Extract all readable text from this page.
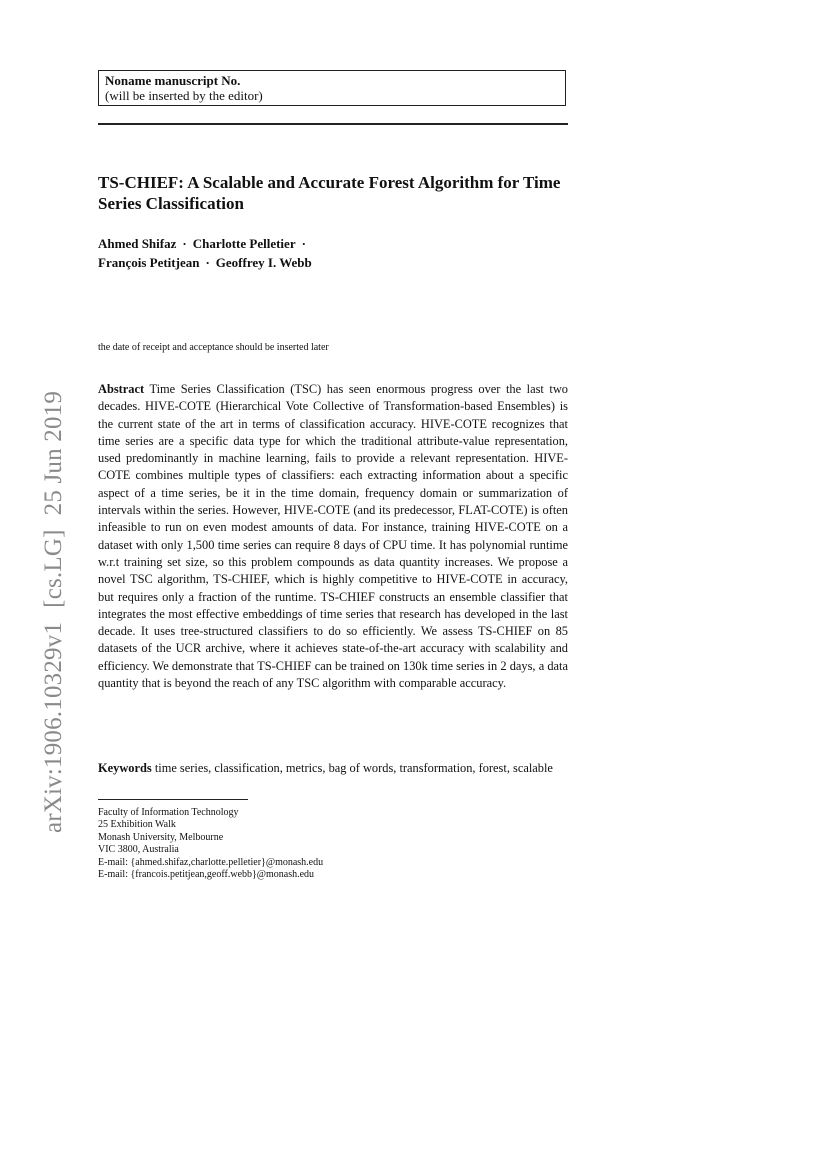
Noname manuscript No.
(will be inserted by the editor)
TS-CHIEF: A Scalable and Accurate Forest Algorithm for Time Series Classification
Ahmed Shifaz · Charlotte Pelletier ·
François Petitjean · Geoffrey I. Webb
the date of receipt and acceptance should be inserted later

Abstract Time Series Classification (TSC) has seen enormous progress over the last two decades. HIVE-COTE (Hierarchical Vote Collective of Transformation-based Ensembles) is the current state of the art in terms of classification accuracy. HIVE-COTE recognizes that time series are a specific data type for which the traditional attribute-value representation, used predominantly in machine learning, fails to provide a relevant representation. HIVE-COTE combines multiple types of classifiers: each extracting information about a specific aspect of a time series, be it in the time domain, frequency domain or summarization of intervals within the series. However, HIVE-COTE (and its predecessor, FLAT-COTE) is often infeasible to run on even modest amounts of data. For instance, training HIVE-COTE on a dataset with only 1,500 time series can require 8 days of CPU time. It has polynomial runtime w.r.t training set size, so this problem compounds as data quantity increases. We propose a novel TSC algorithm, TS-CHIEF, which is highly competitive to HIVE-COTE in accuracy, but requires only a fraction of the runtime. TS-CHIEF constructs an ensemble classifier that integrates the most effective embeddings of time series that research has developed in the last decade. It uses tree-structured classifiers to do so efficiently. We assess TS-CHIEF on 85 datasets of the UCR archive, where it achieves state-of-the-art accuracy with scalability and efficiency. We demonstrate that TS-CHIEF can be trained on 130k time series in 2 days, a data quantity that is beyond the reach of any TSC algorithm with comparable accuracy.

Keywords time series, classification, metrics, bag of words, transformation, forest, scalable

Faculty of Information Technology
25 Exhibition Walk
Monash University, Melbourne
VIC 3800, Australia
E-mail: {ahmed.shifaz,charlotte.pelletier}@monash.edu
E-mail: {francois.petitjean,geoff.webb}@monash.edu
arXiv:1906.10329v1[cs.LG]25 Jun 2019
